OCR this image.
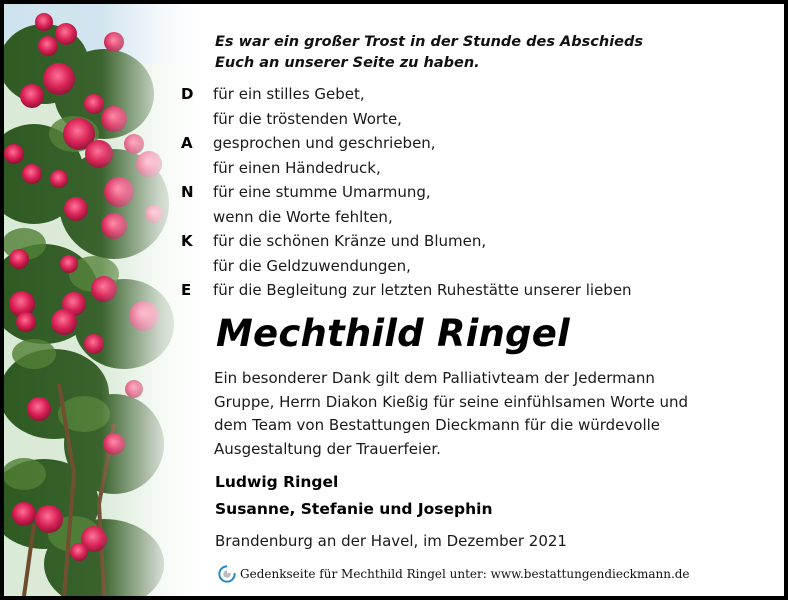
Es war ein großer Trost in der Stunde des Abschieds
Euch an unserer Seite zu haben.
D für ein stilles Gebet,
für die tröstenden Worte,
A gesprochen und geschrieben,
für einen Händedruck,
N für eine stumme Umarmung,
wenn die Worte fehlten,
K für die schönen Kränze und Blumen,
für die Geldzuwendungen,
E für die Begleitung zur letzten Ruhestätte unserer lieben
Mechthild Ringel
Ein besonderer Dank gilt dem Palliativteam der Jedermann
Gruppe, Herrn Diakon Kießig für seine einfühlsamen Worte und
dem Team von Bestattungen Dieckmann für die würdevolle
Ausgestaltung der Trauerfeier.
Ludwig Ringel
Susanne, Stefanie und Josephin
Brandenburg an der Havel, im Dezember 2021
Gedenkseite für Mechthild Ringel unter: www.bestattungendieckmann.de
